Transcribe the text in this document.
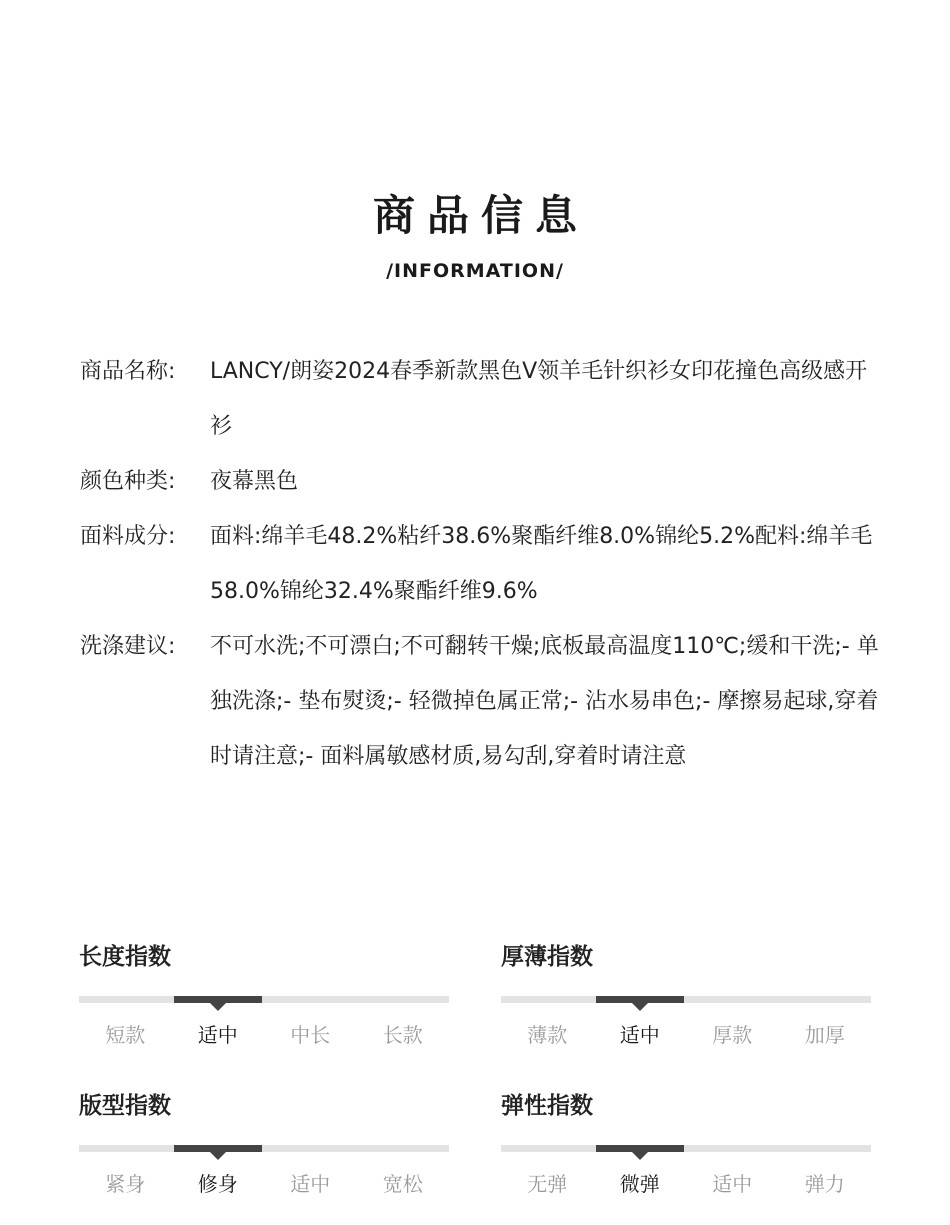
商品信息
/INFORMATION/
商品名称:	LANCY/朗姿2024春季新款黑色V领羊毛针织衫女印花撞色高级感开衫
颜色种类:	夜幕黑色
面料成分:	面料:绵羊毛48.2%粘纤38.6%聚酯纤维8.0%锦纶5.2%配料:绵羊毛58.0%锦纶32.4%聚酯纤维9.6%
洗涤建议:	不可水洗;不可漂白;不可翻转干燥;底板最高温度110℃;缓和干洗;- 单独洗涤;- 垫布熨烫;- 轻微掉色属正常;- 沾水易串色;- 摩擦易起球,穿着时请注意;- 面料属敏感材质,易勾刮,穿着时请注意
长度指数
短款	适中	中长	长款
厚薄指数
薄款	适中	厚款	加厚
版型指数
紧身	修身	适中	宽松
弹性指数
无弹	微弹	适中	弹力
